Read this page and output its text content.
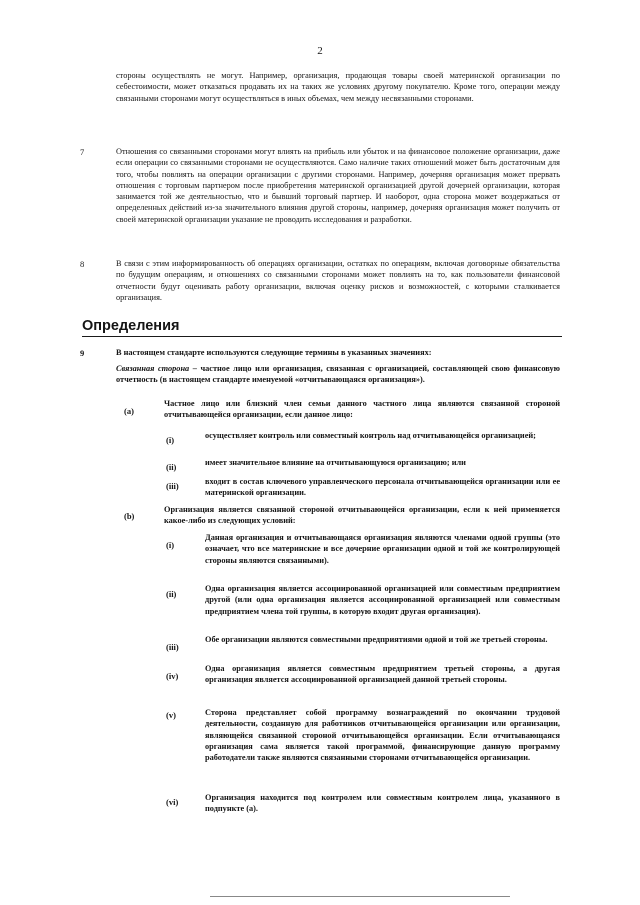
2
стороны осуществлять не могут. Например, организация, продающая товары своей материнской организации по себестоимости, может отказаться продавать их на таких же условиях другому покупателю. Кроме того, операции между связанными сторонами могут осуществляться в иных объемах, чем между несвязанными сторонами.
7	Отношения со связанными сторонами могут влиять на прибыль или убыток и на финансовое положение организации, даже если операции со связанными сторонами не осуществляются. Само наличие таких отношений может быть достаточным для того, чтобы повлиять на операции организации с другими сторонами. Например, дочерняя организация может прервать отношения с торговым партнером после приобретения материнской организацией другой дочерней организации, которая занимается той же деятельностью, что и бывший торговый партнер. И наоборот, одна сторона может воздержаться от определенных действий из-за значительного влияния другой стороны, например, дочерняя организация может получить от своей материнской организации указание не проводить исследования и разработки.
8	В связи с этим информированность об операциях организации, остатках по операциям, включая договорные обязательства по будущим операциям, и отношениях со связанными сторонами может повлиять на то, как пользователи финансовой отчетности будут оценивать работу организации, включая оценку рисков и возможностей, с которыми сталкивается организация.
Определения
9	В настоящем стандарте используются следующие термины в указанных значениях:
Связанная сторона – частное лицо или организация, связанная с организацией, составляющей свою финансовую отчетность (в настоящем стандарте именуемой «отчитывающаяся организация»).
(a)
Частное лицо или близкий член семьи данного частного лица являются связанной стороной отчитывающейся организации, если данное лицо:
(i)	осуществляет контроль или совместный контроль над отчитывающейся организацией;
(ii)	имеет значительное влияние на отчитывающуюся организацию; или
(iii)	входит в состав ключевого управленческого персонала отчитывающейся организации или ее материнской организации.
(b)
Организация является связанной стороной отчитывающейся организации, если к ней применяется какое-либо из следующих условий:
(i)
Данная организация и отчитывающаяся организация являются членами одной группы (это означает, что все материнские и все дочерние организации одной и той же контролирующей стороны являются связанными).
(ii)
Одна организация является ассоциированной организацией или совместным предприятием другой (или одна организация является ассоциированной организацией или совместным предприятием члена той группы, в которую входит другая организация).
(iii)
Обе организации являются совместными предприятиями одной и той же третьей стороны.
(iv)
Одна организация является совместным предприятием третьей стороны, а другая организация является ассоциированной организацией данной третьей стороны.
(v)	Сторона представляет собой программу вознаграждений по окончании трудовой деятельности, созданную для работников отчитывающейся организации или организации, являющейся связанной стороной отчитывающейся организации. Если отчитывающаяся организация сама является такой программой, финансирующие данную программу работодатели также являются связанными сторонами отчитывающейся организации.
(vi)	Организация находится под контролем или совместным контролем лица, указанного в подпункте (а).
